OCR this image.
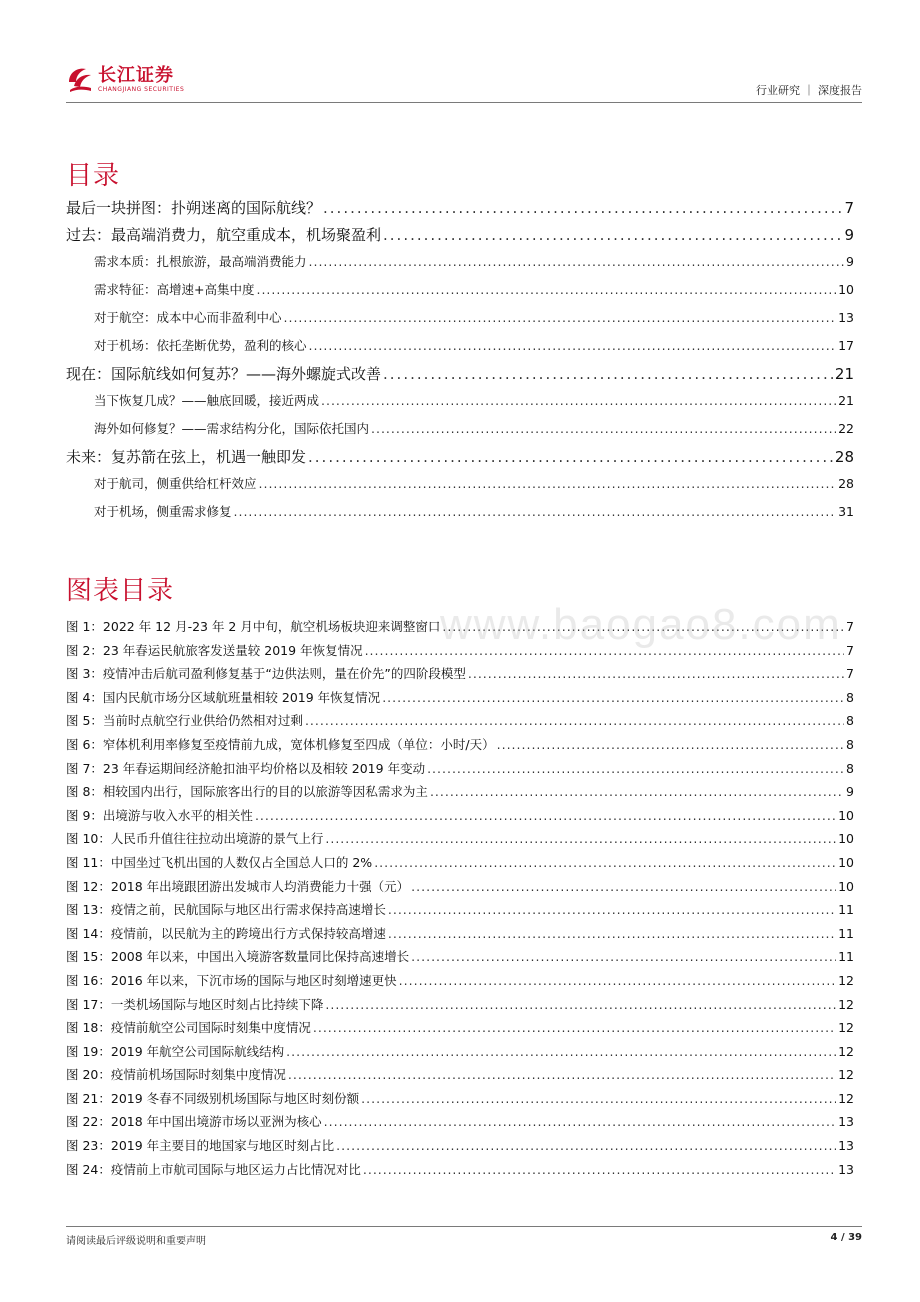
长江证券
CHANGJIANG SECURITIES	行业研究 ｜ 深度报告
目录
最后一块拼图：扑朔迷离的国际航线？ .....	7
过去：最高端消费力，航空重成本，机场聚盈利 .....	9
需求本质：扎根旅游，最高端消费能力 .....	9
需求特征：高增速+高集中度 .....	10
对于航空：成本中心而非盈利中心 .....	13
对于机场：依托垄断优势，盈利的核心 .....	17
现在：国际航线如何复苏？——海外螺旋式改善 .....	21
当下恢复几成？——触底回暖，接近两成 .....	21
海外如何修复？——需求结构分化，国际依托国内 .....	22
未来：复苏箭在弦上，机遇一触即发 .....	28
对于航司，侧重供给杠杆效应 .....	28
对于机场，侧重需求修复 .....	31
图表目录
图 1：2022 年 12 月-23 年 2 月中旬，航空机场板块迎来调整窗口 .....	7
图 2：23 年春运民航旅客发送量较 2019 年恢复情况 .....	7
图 3：疫情冲击后航司盈利修复基于“边供法则，量在价先”的四阶段模型 .....	7
图 4：国内民航市场分区域航班量相较 2019 年恢复情况 .....	8
图 5：当前时点航空行业供给仍然相对过剩 .....	8
图 6：窄体机利用率修复至疫情前九成，宽体机修复至四成（单位：小时/天） .....	8
图 7：23 年春运期间经济舱扣油平均价格以及相较 2019 年变动 .....	8
图 8：相较国内出行，国际旅客出行的目的以旅游等因私需求为主 .....	9
图 9：出境游与收入水平的相关性 .....	10
图 10：人民币升值往往拉动出境游的景气上行 .....	10
图 11：中国坐过飞机出国的人数仅占全国总人口的 2% .....	10
图 12：2018 年出境跟团游出发城市人均消费能力十强（元） .....	10
图 13：疫情之前，民航国际与地区出行需求保持高速增长 .....	11
图 14：疫情前，以民航为主的跨境出行方式保持较高增速 .....	11
图 15：2008 年以来，中国出入境游客数量同比保持高速增长 .....	11
图 16：2016 年以来，下沉市场的国际与地区时刻增速更快 .....	12
图 17：一类机场国际与地区时刻占比持续下降 .....	12
图 18：疫情前航空公司国际时刻集中度情况 .....	12
图 19：2019 年航空公司国际航线结构 .....	12
图 20：疫情前机场国际时刻集中度情况 .....	12
图 21：2019 冬春不同级别机场国际与地区时刻份额 .....	12
图 22：2018 年中国出境游市场以亚洲为核心 .....	13
图 23：2019 年主要目的地国家与地区时刻占比 .....	13
图 24：疫情前上市航司国际与地区运力占比情况对比 .....	13
www.baogao8.com
请阅读最后评级说明和重要声明	4 / 39
